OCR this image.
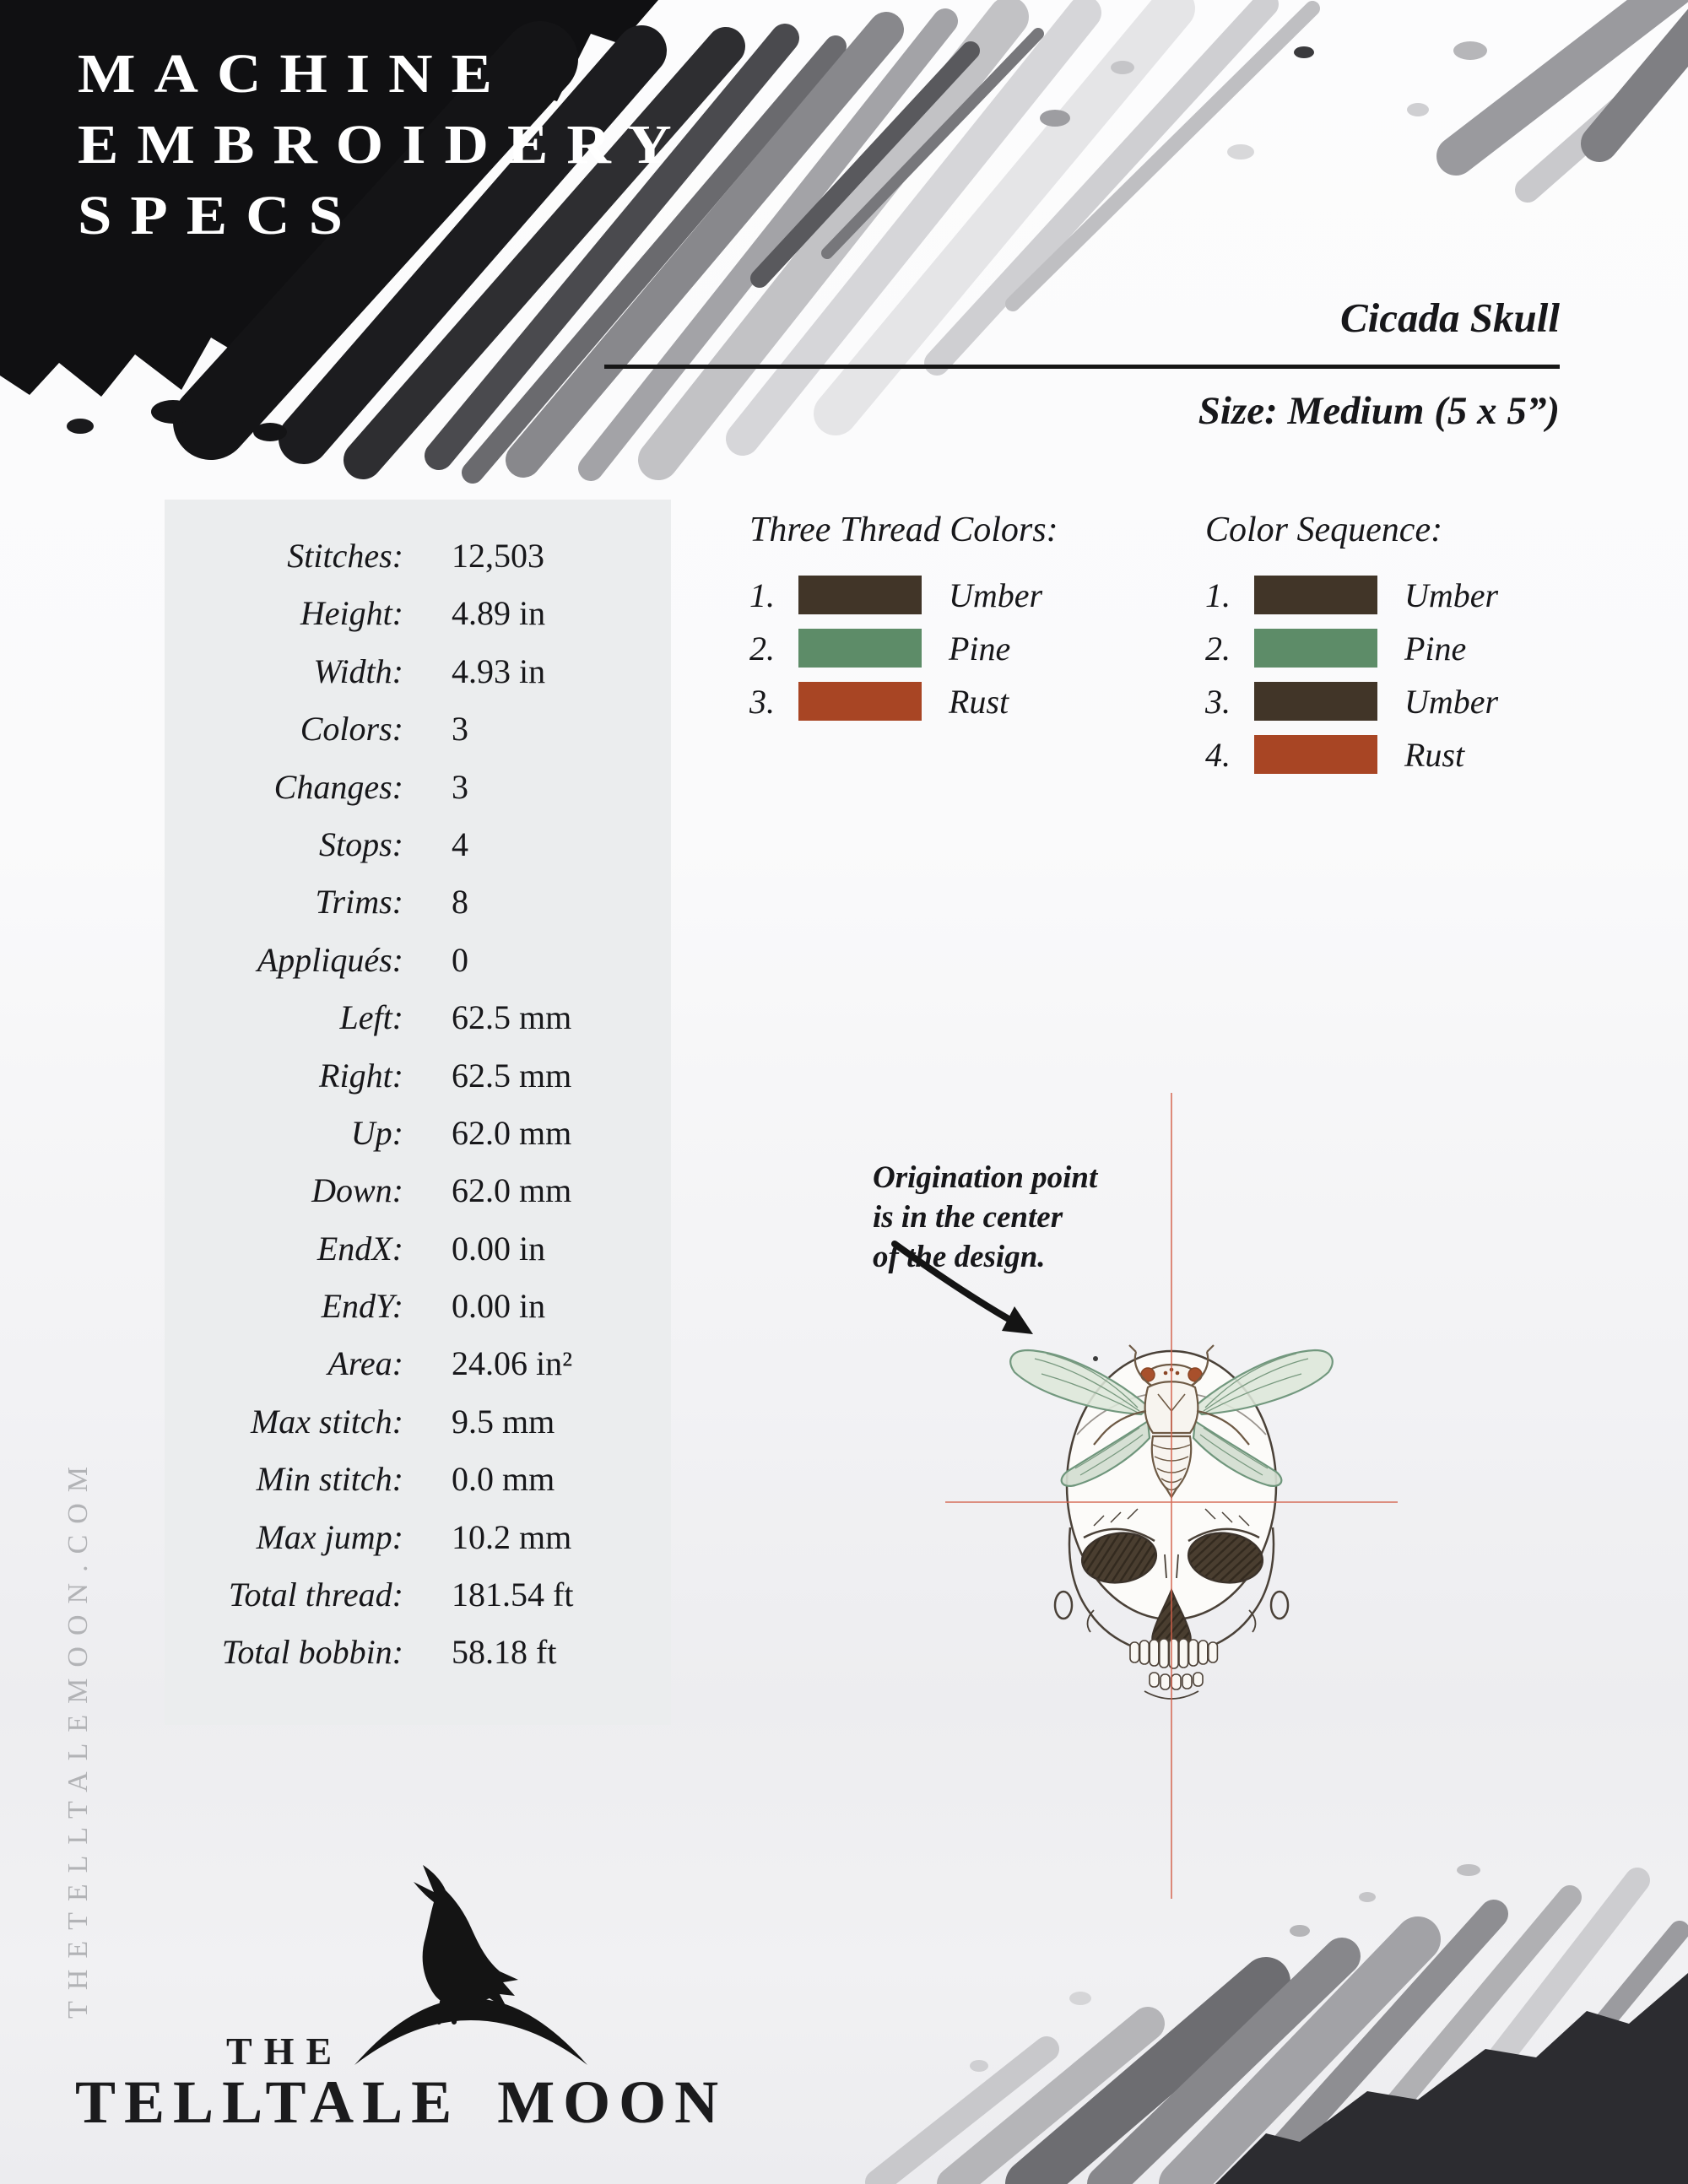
MACHINE
EMBROIDERY
SPECS
Cicada Skull
Size: Medium (5 x 5”)
Stitches: 12,503
Height: 4.89 in
Width: 4.93 in
Colors: 3
Changes: 3
Stops: 4
Trims: 8
Appliqués: 0
Left: 62.5 mm
Right: 62.5 mm
Up: 62.0 mm
Down: 62.0 mm
EndX: 0.00 in
EndY: 0.00 in
Area: 24.06 in²
Max stitch: 9.5 mm
Min stitch: 0.0 mm
Max jump: 10.2 mm
Total thread: 181.54 ft
Total bobbin: 58.18 ft
Three Thread Colors:
1.	Umber
2.	Pine
3.	Rust
Color Sequence:
1.	Umber
2.	Pine
3.	Umber
4.	Rust
Origination point
is in the center
of the design.
THETELLTALEMOON.COM
THE
TELLTALE MOON
